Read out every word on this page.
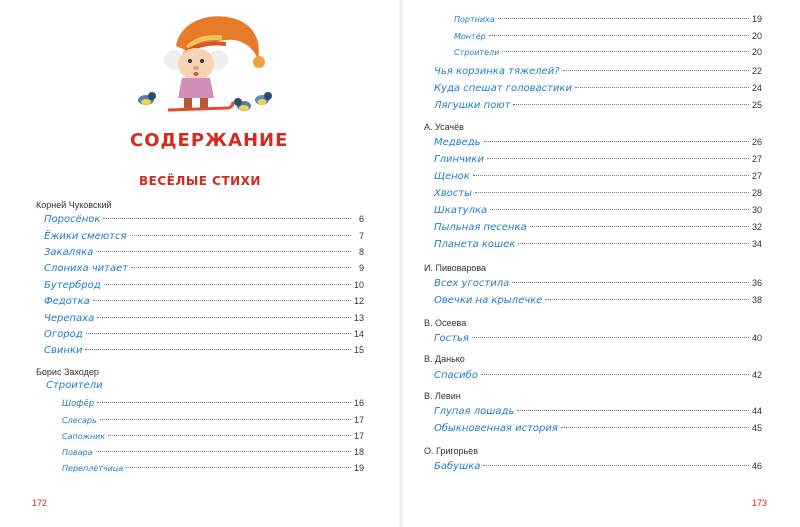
СОДЕРЖАНИЕ
ВЕСЁЛЫЕ СТИХИ
Корней Чуковский
Поросёнок	6
Ёжики смеются	7
Закаляка	8
Слониха читает	9
Бутерброд	10
Федотка	12
Черепаха	13
Огород	14
Свинки	15
Борис Заходер
Строители
Шофёр	16
Слесарь	17
Сапожник	17
Повара	18
Переплётчица	19
172
Портниха	19
Монтёр	20
Строители	20
Чья корзинка тяжелей?	22
Куда спешат головастики	24
Лягушки поют	25
А. Усачёв
Медведь	26
Глинчики	27
Щенок	27
Хвосты	28
Шкатулка	30
Пыльная песенка	32
Планета кошек	34
И. Пивоварова
Всех угостила	36
Овечки на крылечке	38
В. Осеева
Гостья	40
В. Данько
Спасибо	42
В. Левин
Глупая лошадь	44
Обыкновенная история	45
О. Григорьев
Бабушка	46
173
